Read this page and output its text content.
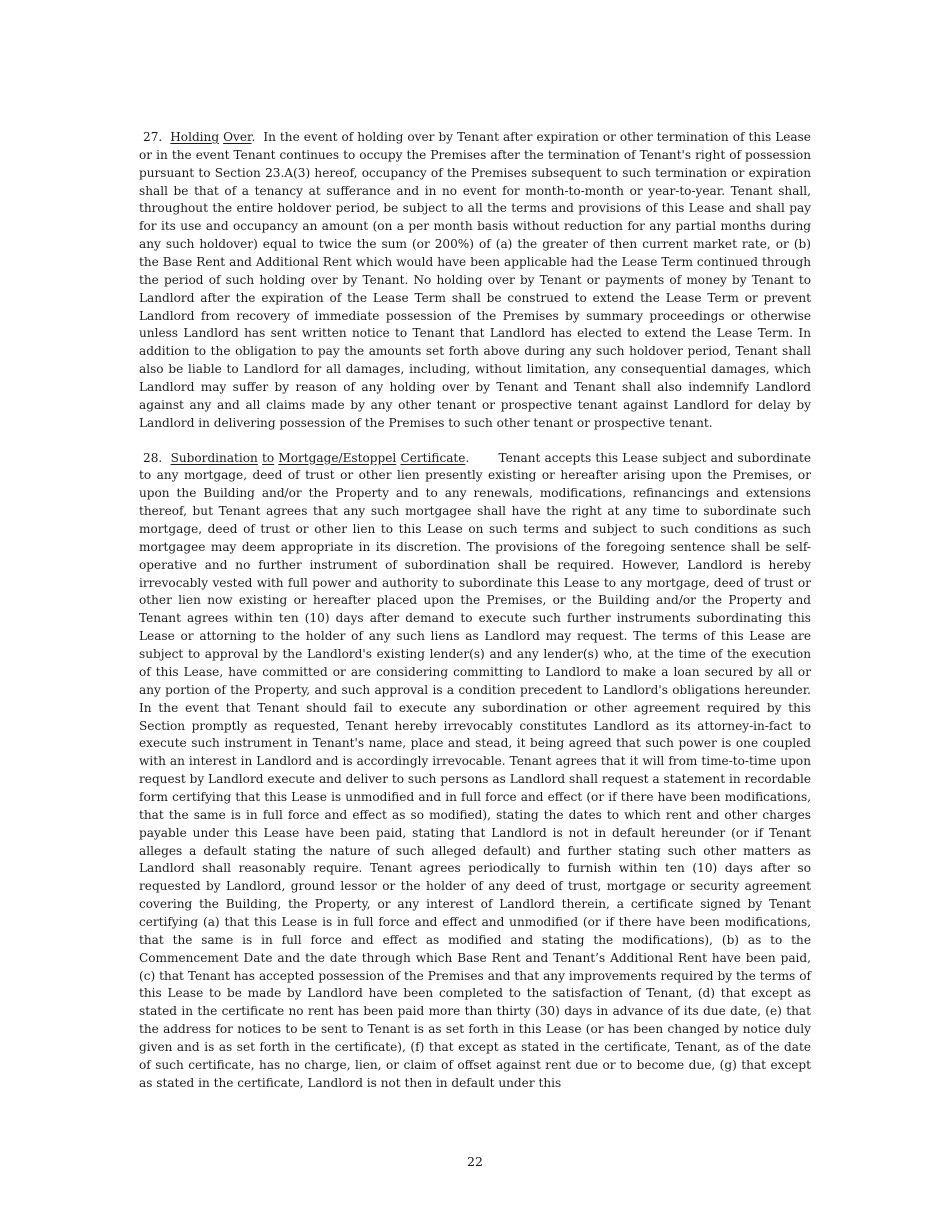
27. Holding Over. In the event of holding over by Tenant after expiration or other termination of this Lease or in the event Tenant continues to occupy the Premises after the termination of Tenant's right of possession pursuant to Section 23.A(3) hereof, occupancy of the Premises subsequent to such termination or expiration shall be that of a tenancy at sufferance and in no event for month-to-month or year-to-year. Tenant shall, throughout the entire holdover period, be subject to all the terms and provisions of this Lease and shall pay for its use and occupancy an amount (on a per month basis without reduction for any partial months during any such holdover) equal to twice the sum (or 200%) of (a) the greater of then current market rate, or (b) the Base Rent and Additional Rent which would have been applicable had the Lease Term continued through the period of such holding over by Tenant. No holding over by Tenant or payments of money by Tenant to Landlord after the expiration of the Lease Term shall be construed to extend the Lease Term or prevent Landlord from recovery of immediate possession of the Premises by summary proceedings or otherwise unless Landlord has sent written notice to Tenant that Landlord has elected to extend the Lease Term. In addition to the obligation to pay the amounts set forth above during any such holdover period, Tenant shall also be liable to Landlord for all damages, including, without limitation, any consequential damages, which Landlord may suffer by reason of any holding over by Tenant and Tenant shall also indemnify Landlord against any and all claims made by any other tenant or prospective tenant against Landlord for delay by Landlord in delivering possession of the Premises to such other tenant or prospective tenant.

28. Subordination to Mortgage/Estoppel Certificate. Tenant accepts this Lease subject and subordinate to any mortgage, deed of trust or other lien presently existing or hereafter arising upon the Premises, or upon the Building and/or the Property and to any renewals, modifications, refinancings and extensions thereof, but Tenant agrees that any such mortgagee shall have the right at any time to subordinate such mortgage, deed of trust or other lien to this Lease on such terms and subject to such conditions as such mortgagee may deem appropriate in its discretion. The provisions of the foregoing sentence shall be self-operative and no further instrument of subordination shall be required. However, Landlord is hereby irrevocably vested with full power and authority to subordinate this Lease to any mortgage, deed of trust or other lien now existing or hereafter placed upon the Premises, or the Building and/or the Property and Tenant agrees within ten (10) days after demand to execute such further instruments subordinating this Lease or attorning to the holder of any such liens as Landlord may request. The terms of this Lease are subject to approval by the Landlord's existing lender(s) and any lender(s) who, at the time of the execution of this Lease, have committed or are considering committing to Landlord to make a loan secured by all or any portion of the Property, and such approval is a condition precedent to Landlord's obligations hereunder. In the event that Tenant should fail to execute any subordination or other agreement required by this Section promptly as requested, Tenant hereby irrevocably constitutes Landlord as its attorney-in-fact to execute such instrument in Tenant's name, place and stead, it being agreed that such power is one coupled with an interest in Landlord and is accordingly irrevocable. Tenant agrees that it will from time-to-time upon request by Landlord execute and deliver to such persons as Landlord shall request a statement in recordable form certifying that this Lease is unmodified and in full force and effect (or if there have been modifications, that the same is in full force and effect as so modified), stating the dates to which rent and other charges payable under this Lease have been paid, stating that Landlord is not in default hereunder (or if Tenant alleges a default stating the nature of such alleged default) and further stating such other matters as Landlord shall reasonably require. Tenant agrees periodically to furnish within ten (10) days after so requested by Landlord, ground lessor or the holder of any deed of trust, mortgage or security agreement covering the Building, the Property, or any interest of Landlord therein, a certificate signed by Tenant certifying (a) that this Lease is in full force and effect and unmodified (or if there have been modifications, that the same is in full force and effect as modified and stating the modifications), (b) as to the Commencement Date and the date through which Base Rent and Tenant’s Additional Rent have been paid, (c) that Tenant has accepted possession of the Premises and that any improvements required by the terms of this Lease to be made by Landlord have been completed to the satisfaction of Tenant, (d) that except as stated in the certificate no rent has been paid more than thirty (30) days in advance of its due date, (e) that the address for notices to be sent to Tenant is as set forth in this Lease (or has been changed by notice duly given and is as set forth in the certificate), (f) that except as stated in the certificate, Tenant, as of the date of such certificate, has no charge, lien, or claim of offset against rent due or to become due, (g) that except as stated in the certificate, Landlord is not then in default under this

22
